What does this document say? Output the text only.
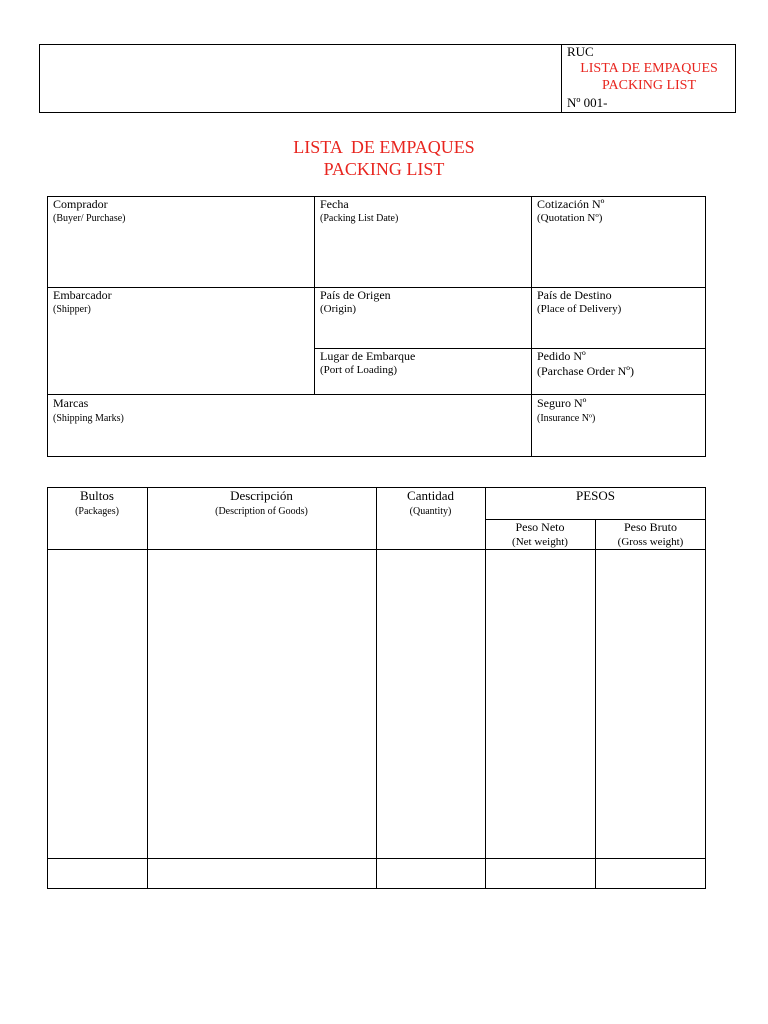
RUC
LISTA DE EMPAQUES
PACKING LIST
Nº 001-
LISTA  DE EMPAQUES
PACKING LIST
Comprador
(Buyer/ Purchase)
Fecha
(Packing List Date)
Cotización Nº
(Quotation Nº)
Embarcador
(Shipper)
País de Origen
(Origin)
País de Destino
(Place of Delivery)
Lugar de Embarque
(Port of Loading)
Pedido Nº
(Parchase Order Nº)
Marcas
(Shipping Marks)
Seguro Nº
(Insurance Nº)
Bultos
(Packages)
Descripción
(Description of Goods)
Cantidad
(Quantity)
PESOS
Peso Neto
(Net weight)
Peso Bruto
(Gross weight)
